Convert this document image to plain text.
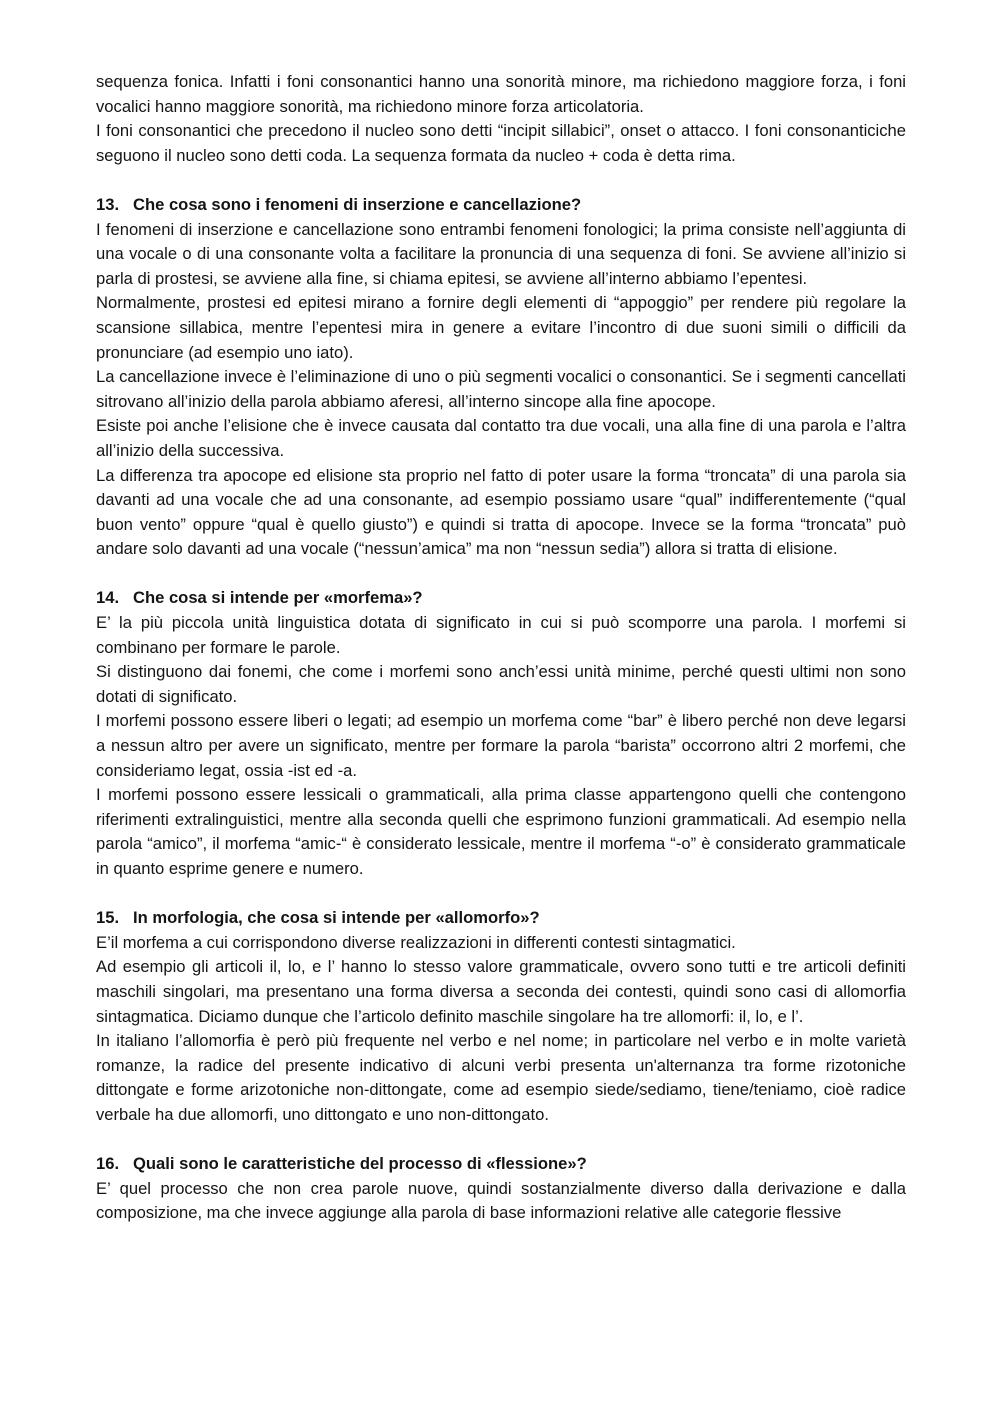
sequenza fonica. Infatti i foni consonantici hanno una sonorità minore, ma richiedono maggiore forza, i foni vocalici hanno maggiore sonorità, ma richiedono minore forza articolatoria.

I foni consonantici che precedono il nucleo sono detti “incipit sillabici”, onset o attacco. I foni consonanticiche seguono il nucleo sono detti coda. La sequenza formata da nucleo + coda è detta rima.

13. Che cosa sono i fenomeni di inserzione e cancellazione?

I fenomeni di inserzione e cancellazione sono entrambi fenomeni fonologici; la prima consiste nell’aggiunta di una vocale o di una consonante volta a facilitare la pronuncia di una sequenza di foni. Se avviene all’inizio si parla di prostesi, se avviene alla fine, si chiama epitesi, se avviene all’interno abbiamo l’epentesi.

Normalmente, prostesi ed epitesi mirano a fornire degli elementi di “appoggio” per rendere più regolare la scansione sillabica, mentre l’epentesi mira in genere a evitare l’incontro di due suoni simili o difficili da pronunciare (ad esempio uno iato).

La cancellazione invece è l’eliminazione di uno o più segmenti vocalici o consonantici. Se i segmenti cancellati sitrovano all’inizio della parola abbiamo aferesi, all’interno sincope alla fine apocope.

Esiste poi anche l’elisione che è invece causata dal contatto tra due vocali, una alla fine di una parola e l’altra all’inizio della successiva.

La differenza tra apocope ed elisione sta proprio nel fatto di poter usare la forma “troncata” di una parola sia davanti ad una vocale che ad una consonante, ad esempio possiamo usare “qual” indifferentemente (“qual buon vento” oppure “qual è quello giusto”) e quindi si tratta di apocope. Invece se la forma “troncata” può andare solo davanti ad una vocale (“nessun’amica” ma non “nessun sedia”) allora si tratta di elisione.

14. Che cosa si intende per «morfema»?

E’ la più piccola unità linguistica dotata di significato in cui si può scomporre una parola. I morfemi si combinano per formare le parole.

Si distinguono dai fonemi, che come i morfemi sono anch’essi unità minime, perché questi ultimi non sono dotati di significato.

I morfemi possono essere liberi o legati; ad esempio un morfema come “bar” è libero perché non deve legarsi a nessun altro per avere un significato, mentre per formare la parola “barista” occorrono altri 2 morfemi, che consideriamo legat, ossia -ist ed -a.

I morfemi possono essere lessicali o grammaticali, alla prima classe appartengono quelli che contengono riferimenti extralinguistici, mentre alla seconda quelli che esprimono funzioni grammaticali. Ad esempio nella parola “amico”, il morfema “amic-“ è considerato lessicale, mentre il morfema “-o” è considerato grammaticale in quanto esprime genere e numero.

15. In morfologia, che cosa si intende per «allomorfo»?

E’il morfema a cui corrispondono diverse realizzazioni in differenti contesti sintagmatici.

Ad esempio gli articoli il, lo, e l’ hanno lo stesso valore grammaticale, ovvero sono tutti e tre articoli definiti maschili singolari, ma presentano una forma diversa a seconda dei contesti, quindi sono casi di allomorfia sintagmatica. Diciamo dunque che l’articolo definito maschile singolare ha tre allomorfi: il, lo, e l’.

In italiano l’allomorfia è però più frequente nel verbo e nel nome; in particolare nel verbo e in molte varietà romanze, la radice del presente indicativo di alcuni verbi presenta un'alternanza tra forme rizotoniche dittongate e forme arizotoniche non-dittongate, come ad esempio siede/sediamo, tiene/teniamo, cioè radice verbale ha due allomorfi, uno dittongato e uno non-dittongato.

16. Quali sono le caratteristiche del processo di «flessione»?

E’ quel processo che non crea parole nuove, quindi sostanzialmente diverso dalla derivazione e dalla composizione, ma che invece aggiunge alla parola di base informazioni relative alle categorie flessive
